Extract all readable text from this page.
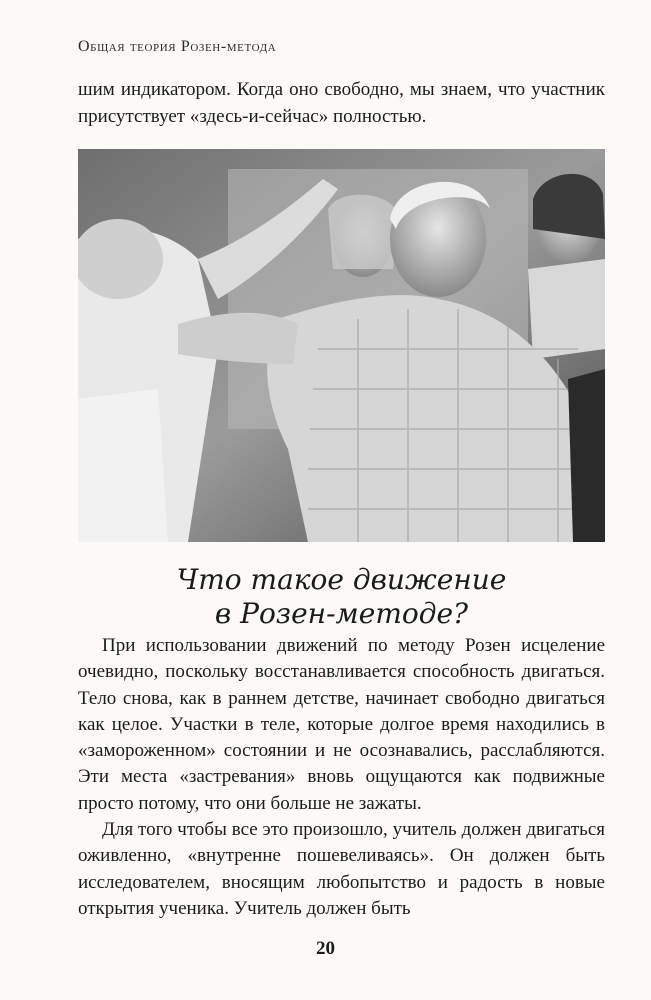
Общая теория Розен-метода

шим индикатором. Когда оно свободно, мы знаем, что участник присутствует «здесь-и-сейчас» полностью.

Что такое движение
в Розен-методе?

При использовании движений по методу Розен исцеление очевидно, поскольку восстанавливается способность двигаться. Тело снова, как в раннем детстве, начинает свободно двигаться как целое. Участки в теле, которые долгое время находились в «замороженном» состоянии и не осознавались, расслабляются. Эти места «застревания» вновь ощущаются как подвижные просто потому, что они больше не зажаты.

Для того чтобы все это произошло, учитель должен двигаться оживленно, «внутренне пошевеливаясь». Он должен быть исследователем, вносящим любопытство и радость в новые открытия ученика. Учитель должен быть

20
